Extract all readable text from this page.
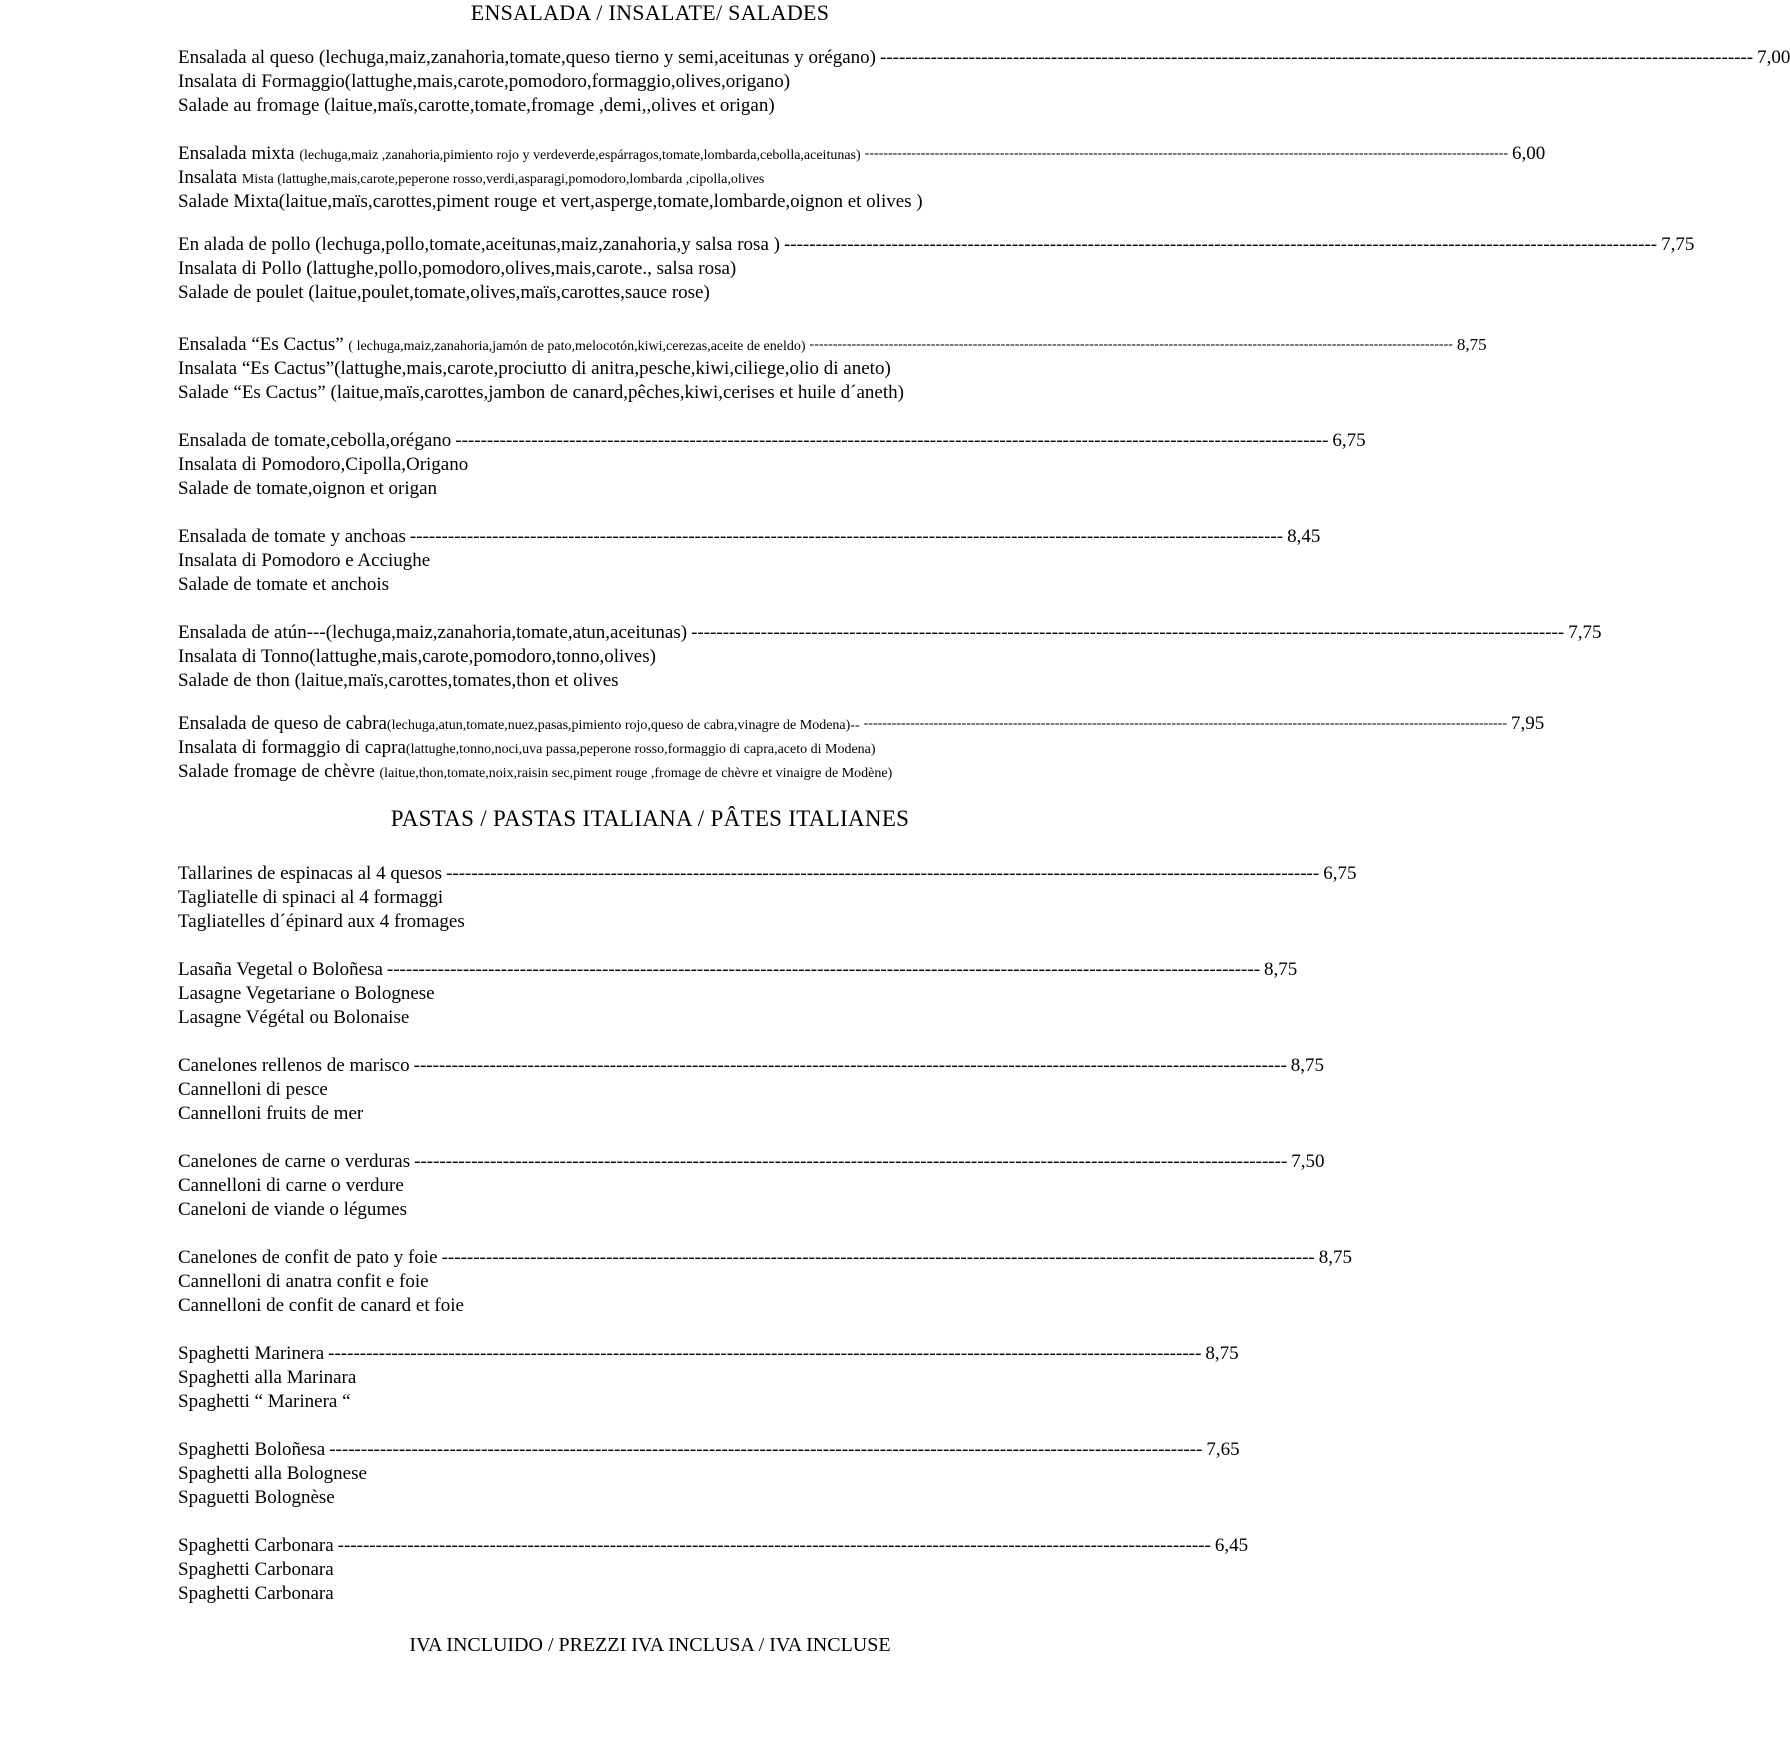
ENSALADA / INSALATE/ SALADES
Ensalada al queso (lechuga,maiz,zanahoria,tomate,queso tierno y semi,aceitunas y orégano) ------------------------------------------------------------------------------------------------------------------------------------------ 7,00
Insalata di Formaggio(lattughe,mais,carote,pomodoro,formaggio,olives,origano)
Salade au fromage (laitue,maïs,carotte,tomate,fromage ,demi,,olives et origan)
Ensalada mixta (lechuga,maiz ,zanahoria,pimiento rojo y verdeverde,espárragos,tomate,lombarda,cebolla,aceitunas) ------------------------------------------------------------------------------------------------------------------------------------------ 6,00
Insalata Mista (lattughe,mais,carote,peperone rosso,verdi,asparagi,pomodoro,lombarda ,cipolla,olives
Salade Mixta(laitue,maïs,carottes,piment rouge et vert,asperge,tomate,lombarde,oignon et olives )
En alada de pollo (lechuga,pollo,tomate,aceitunas,maiz,zanahoria,y salsa rosa ) ------------------------------------------------------------------------------------------------------------------------------------------ 7,75
Insalata di Pollo (lattughe,pollo,pomodoro,olives,mais,carote., salsa rosa)
Salade de poulet (laitue,poulet,tomate,olives,maïs,carottes,sauce rose)
Ensalada “Es Cactus” ( lechuga,maiz,zanahoria,jamón de pato,melocotón,kiwi,cerezas,aceite de eneldo) ------------------------------------------------------------------------------------------------------------------------------------------ 8,75
Insalata “Es Cactus”(lattughe,mais,carote,prociutto di anitra,pesche,kiwi,ciliege,olio di aneto)
Salade “Es Cactus” (laitue,maïs,carottes,jambon de canard,pêches,kiwi,cerises et huile d´aneth)
Ensalada de tomate,cebolla,orégano ------------------------------------------------------------------------------------------------------------------------------------------ 6,75
Insalata di Pomodoro,Cipolla,Origano
Salade de tomate,oignon et origan
Ensalada de tomate y anchoas ------------------------------------------------------------------------------------------------------------------------------------------ 8,45
Insalata di Pomodoro e Acciughe
Salade de tomate et anchois
Ensalada de atún---(lechuga,maiz,zanahoria,tomate,atun,aceitunas) ------------------------------------------------------------------------------------------------------------------------------------------ 7,75
Insalata di Tonno(lattughe,mais,carote,pomodoro,tonno,olives)
Salade de thon (laitue,maïs,carottes,tomates,thon et olives
Ensalada de queso de cabra(lechuga,atun,tomate,nuez,pasas,pimiento rojo,queso de cabra,vinagre de Modena)-- ------------------------------------------------------------------------------------------------------------------------------------------ 7,95
Insalata di formaggio di capra(lattughe,tonno,noci,uva passa,peperone rosso,formaggio di capra,aceto di Modena)
Salade fromage de chèvre (laitue,thon,tomate,noix,raisin sec,piment rouge ,fromage de chèvre et vinaigre de Modène)
PASTAS / PASTAS ITALIANA / PÂTES ITALIANES
Tallarines de espinacas al 4 quesos ------------------------------------------------------------------------------------------------------------------------------------------ 6,75
Tagliatelle di spinaci al 4 formaggi
Tagliatelles d´épinard aux 4 fromages
Lasaña Vegetal o Boloñesa ------------------------------------------------------------------------------------------------------------------------------------------ 8,75
Lasagne Vegetariane o Bolognese
Lasagne Végétal ou Bolonaise
Canelones rellenos de marisco ------------------------------------------------------------------------------------------------------------------------------------------ 8,75
Cannelloni di pesce
Cannelloni fruits de mer
Canelones de carne o verduras ------------------------------------------------------------------------------------------------------------------------------------------ 7,50
Cannelloni di carne o verdure
Caneloni de viande o légumes
Canelones de confit de pato y foie ------------------------------------------------------------------------------------------------------------------------------------------ 8,75
Cannelloni di anatra confit e foie
Cannelloni de confit de canard et foie
Spaghetti Marinera ------------------------------------------------------------------------------------------------------------------------------------------ 8,75
Spaghetti alla Marinara
Spaghetti “ Marinera “
Spaghetti Boloñesa ------------------------------------------------------------------------------------------------------------------------------------------ 7,65
Spaghetti alla Bolognese
Spaguetti Bolognèse
Spaghetti Carbonara ------------------------------------------------------------------------------------------------------------------------------------------ 6,45
Spaghetti Carbonara
Spaghetti Carbonara
IVA INCLUIDO / PREZZI IVA INCLUSA / IVA INCLUSE
